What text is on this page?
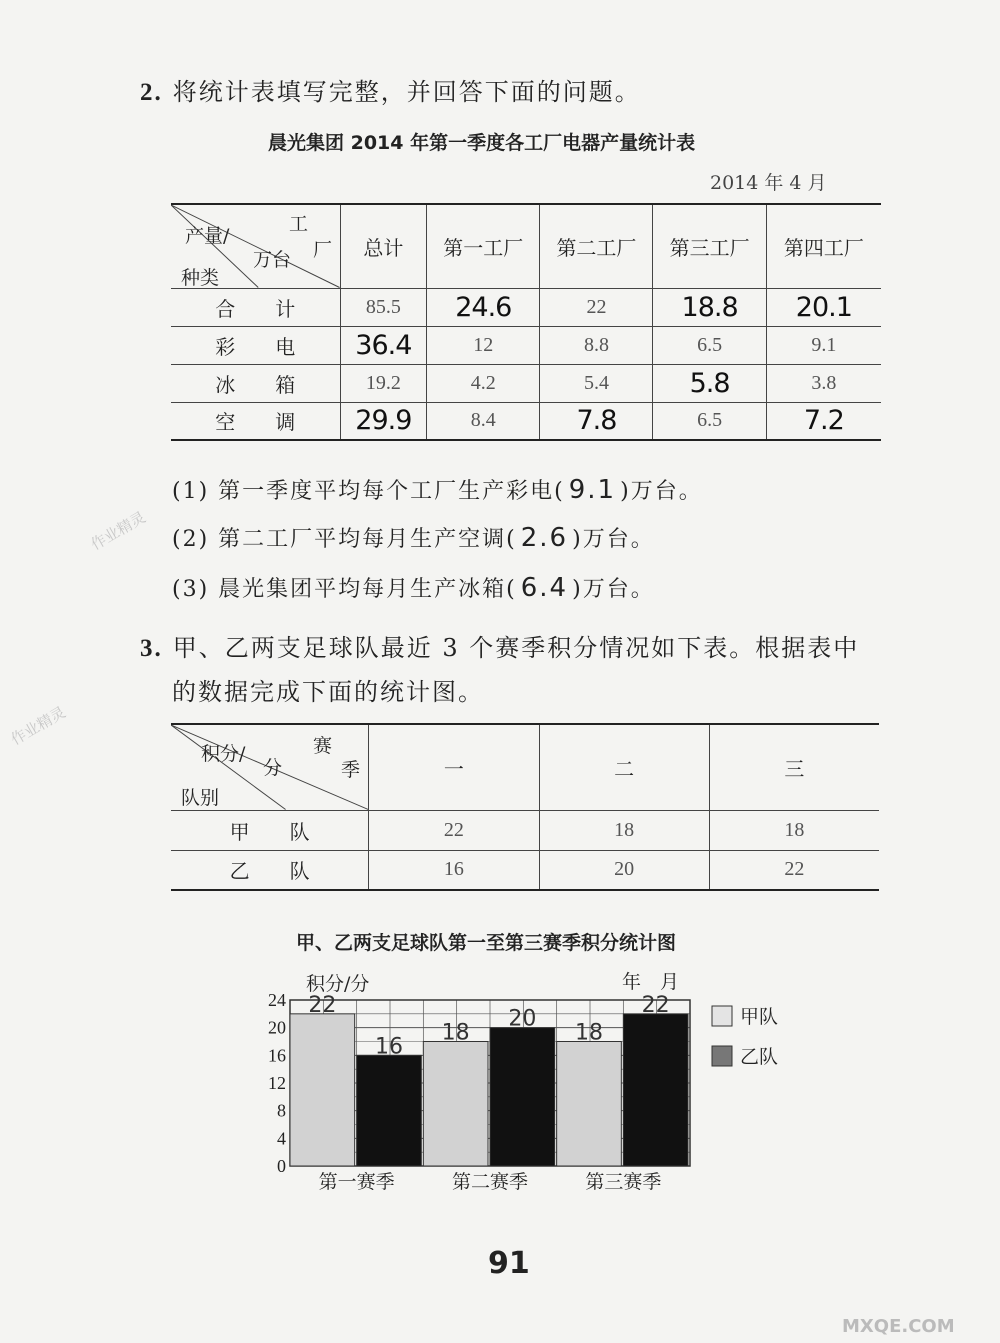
2. 将统计表填写完整，并回答下面的问题。
晨光集团 2014 年第一季度各工厂电器产量统计表
2014 年 4 月
工
厂
产量/
万台
种类	总计	第一工厂	第二工厂	第三工厂	第四工厂
合　　计	85.5	24.6	22	18.8	20.1
彩　　电	36.4	12	8.8	6.5	9.1
冰　　箱	19.2	4.2	5.4	5.8	3.8
空　　调	29.9	8.4	7.8	6.5	7.2
(1) 第一季度平均每个工厂生产彩电( 9.1 )万台。
(2) 第二工厂平均每月生产空调( 2.6 )万台。
(3) 晨光集团平均每月生产冰箱( 6.4 )万台。
3. 甲、乙两支足球队最近 3 个赛季积分情况如下表。根据表中
的数据完成下面的统计图。
赛
季
积分/
分
队别	一	二	三
甲　　队	22	18	18
乙　　队	16	20	22
甲、乙两支足球队第一至第三赛季积分统计图
积分/分	年　月
22
16
18
20
18
22
0
4
8
12
16
20
24
第一赛季	第二赛季	第三赛季
甲队
乙队
91
作业精灵
作业精灵
MXQE.COM
